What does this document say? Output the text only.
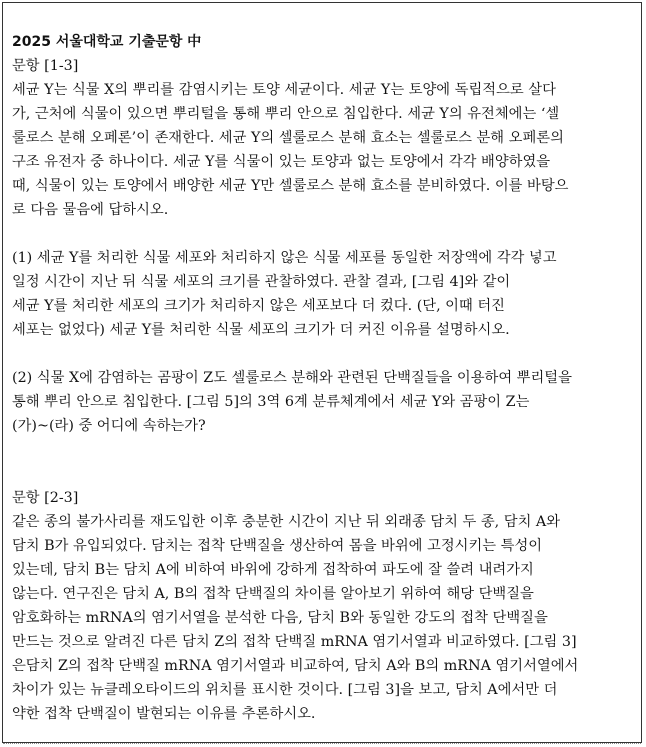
2025 서울대학교 기출문항 中
문항 [1-3]
세균 Y는 식물 X의 뿌리를 감염시키는 토양 세균이다. 세균 Y는 토양에 독립적으로 살다
가, 근처에 식물이 있으면 뿌리털을 통해 뿌리 안으로 침입한다. 세균 Y의 유전체에는 ‘셀
룰로스 분해 오페론’이 존재한다. 세균 Y의 셀룰로스 분해 효소는 셀룰로스 분해 오페론의
구조 유전자 중 하나이다. 세균 Y를 식물이 있는 토양과 없는 토양에서 각각 배양하였을
때, 식물이 있는 토양에서 배양한 세균 Y만 셀룰로스 분해 효소를 분비하였다. 이를 바탕으
로 다음 물음에 답하시오.
(1) 세균 Y를 처리한 식물 세포와 처리하지 않은 식물 세포를 동일한 저장액에 각각 넣고
일정 시간이 지난 뒤 식물 세포의 크기를 관찰하였다. 관찰 결과, [그림 4]와 같이
세균 Y를 처리한 세포의 크기가 처리하지 않은 세포보다 더 컸다. (단, 이때 터진
세포는 없었다) 세균 Y를 처리한 식물 세포의 크기가 더 커진 이유를 설명하시오.
(2) 식물 X에 감염하는 곰팡이 Z도 셀룰로스 분해와 관련된 단백질들을 이용하여 뿌리털을
통해 뿌리 안으로 침입한다. [그림 5]의 3역 6계 분류체계에서 세균 Y와 곰팡이 Z는
(가)~(라) 중 어디에 속하는가?
문항 [2-3]
같은 종의 불가사리를 재도입한 이후 충분한 시간이 지난 뒤 외래종 담치 두 종, 담치 A와
담치 B가 유입되었다. 담치는 접착 단백질을 생산하여 몸을 바위에 고정시키는 특성이
있는데, 담치 B는 담치 A에 비하여 바위에 강하게 접착하여 파도에 잘 쓸려 내려가지
않는다. 연구진은 담치 A, B의 접착 단백질의 차이를 알아보기 위하여 해당 단백질을
암호화하는 mRNA의 염기서열을 분석한 다음, 담치 B와 동일한 강도의 접착 단백질을
만드는 것으로 알려진 다른 담치 Z의 접착 단백질 mRNA 염기서열과 비교하였다. [그림 3]
은담치 Z의 접착 단백질 mRNA 염기서열과 비교하여, 담치 A와 B의 mRNA 염기서열에서
차이가 있는 뉴클레오타이드의 위치를 표시한 것이다. [그림 3]을 보고, 담치 A에서만 더
약한 접착 단백질이 발현되는 이유를 추론하시오.
